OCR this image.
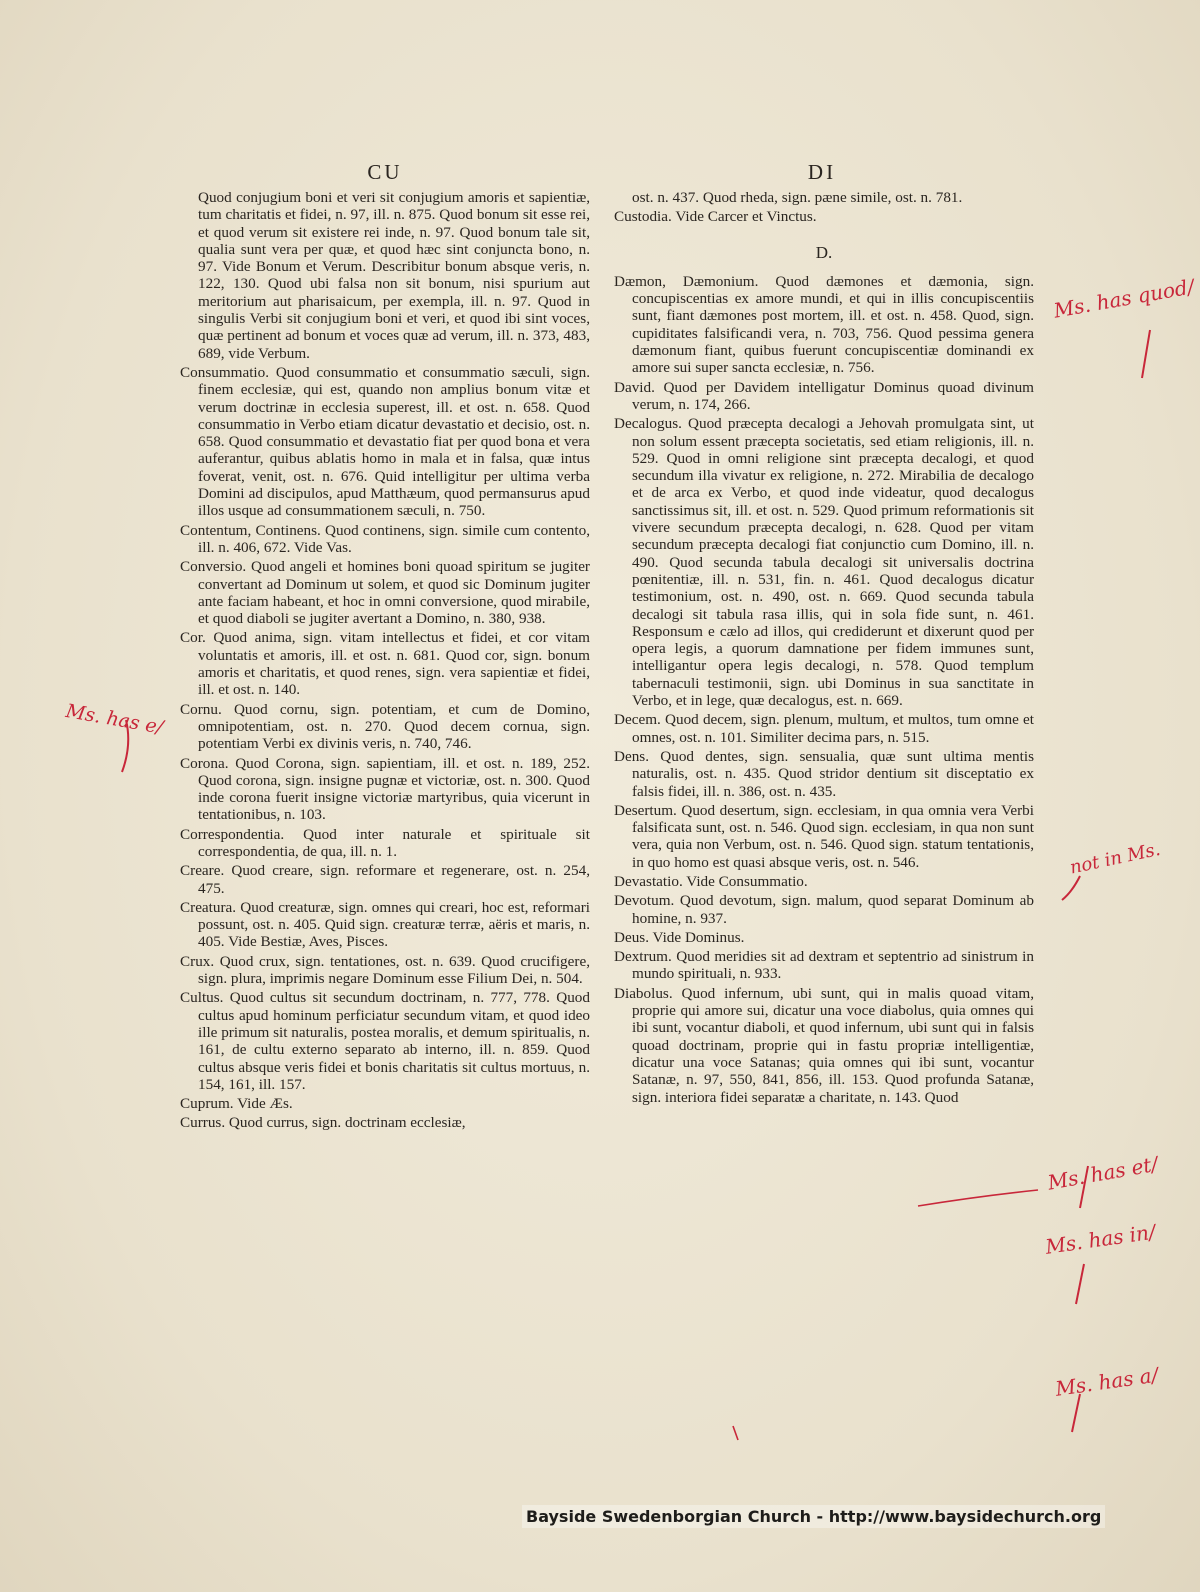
CU	DI

Quod conjugium boni et veri sit conjugium amoris et sapientiæ, tum charitatis et fidei, n. 97, ill. n. 875. Quod bonum sit esse rei, et quod verum sit existere rei inde, n. 97. Quod bonum tale sit, qualia sunt vera per quæ, et quod hæc sint conjuncta bono, n. 97. Vide Bonum et Verum. Describitur bonum absque veris, n. 122, 130. Quod ubi falsa non sit bonum, nisi spurium aut meritorium aut pharisaicum, per exempla, ill. n. 97. Quod in singulis Verbi sit conjugium boni et veri, et quod ibi sint voces, quæ pertinent ad bonum et voces quæ ad verum, ill. n. 373, 483, 689, vide Verbum.

Consummatio. Quod consummatio et consummatio sæculi, sign. finem ecclesiæ, qui est, quando non amplius bonum vitæ et verum doctrinæ in ecclesia superest, ill. et ost. n. 658. Quod consummatio in Verbo etiam dicatur devastatio et decisio, ost. n. 658. Quod consummatio et devastatio fiat per quod bona et vera auferantur, quibus ablatis homo in mala et in falsa, quæ intus foverat, venit, ost. n. 676. Quid intelligitur per ultima verba Domini ad discipulos, apud Matthæum, quod permansurus apud illos usque ad consummationem sæculi, n. 750.

Contentum, Continens. Quod continens, sign. simile cum contento, ill. n. 406, 672. Vide Vas.

Conversio. Quod angeli et homines boni quoad spiritum se jugiter convertant ad Dominum ut solem, et quod sic Dominum jugiter ante faciam habeant, et hoc in omni conversione, quod mirabile, et quod diaboli se jugiter avertant a Domino, n. 380, 938.

Cor. Quod anima, sign. vitam intellectus et fidei, et cor vitam voluntatis et amoris, ill. et ost. n. 681. Quod cor, sign. bonum amoris et charitatis, et quod renes, sign. vera sapientiæ et fidei, ill. et ost. n. 140.

Cornu. Quod cornu, sign. potentiam, et cum de Domino, omnipotentiam, ost. n. 270. Quod decem cornua, sign. potentiam Verbi ex divinis veris, n. 740, 746.

Corona. Quod Corona, sign. sapientiam, ill. et ost. n. 189, 252. Quod corona, sign. insigne pugnæ et victoriæ, ost. n. 300. Quod inde corona fuerit insigne victoriæ martyribus, quia vicerunt in tentationibus, n. 103.

Correspondentia. Quod inter naturale et spirituale sit correspondentia, de qua, ill. n. 1.

Creare. Quod creare, sign. reformare et regenerare, ost. n. 254, 475.

Creatura. Quod creaturæ, sign. omnes qui creari, hoc est, reformari possunt, ost. n. 405. Quid sign. creaturæ terræ, aëris et maris, n. 405. Vide Bestiæ, Aves, Pisces.

Crux. Quod crux, sign. tentationes, ost. n. 639. Quod crucifigere, sign. plura, imprimis negare Dominum esse Filium Dei, n. 504.

Cultus. Quod cultus sit secundum doctrinam, n. 777, 778. Quod cultus apud hominum perficiatur secundum vitam, et quod ideo ille primum sit naturalis, postea moralis, et demum spiritualis, n. 161, de cultu externo separato ab interno, ill. n. 859. Quod cultus absque veris fidei et bonis charitatis sit cultus mortuus, n. 154, 161, ill. 157.

Cuprum. Vide Æs.

Currus. Quod currus, sign. doctrinam ecclesiæ,

ost. n. 437. Quod rheda, sign. pæne simile, ost. n. 781.

Custodia. Vide Carcer et Vinctus.

D.

Dæmon, Dæmonium. Quod dæmones et dæmonia, sign. concupiscentias ex amore mundi, et qui in illis concupiscentiis sunt, fiant dæmones post mortem, ill. et ost. n. 458. Quod, sign. cupiditates falsificandi vera, n. 703, 756. Quod pessima genera dæmonum fiant, quibus fuerunt concupiscentiæ dominandi ex amore sui super sancta ecclesiæ, n. 756.

David. Quod per Davidem intelligatur Dominus quoad divinum verum, n. 174, 266.

Decalogus. Quod præcepta decalogi a Jehovah promulgata sint, ut non solum essent præcepta societatis, sed etiam religionis, ill. n. 529. Quod in omni religione sint præcepta decalogi, et quod secundum illa vivatur ex religione, n. 272. Mirabilia de decalogo et de arca ex Verbo, et quod inde videatur, quod decalogus sanctissimus sit, ill. et ost. n. 529. Quod primum reformationis sit vivere secundum præcepta decalogi, n. 628. Quod per vitam secundum præcepta decalogi fiat conjunctio cum Domino, ill. n. 490. Quod secunda tabula decalogi sit universalis doctrina pœnitentiæ, ill. n. 531, fin. n. 461. Quod decalogus dicatur testimonium, ost. n. 490, ost. n. 669. Quod secunda tabula decalogi sit tabula rasa illis, qui in sola fide sunt, n. 461. Responsum e cælo ad illos, qui crediderunt et dixerunt quod per opera legis, a quorum damnatione per fidem immunes sunt, intelligantur opera legis decalogi, n. 578. Quod templum tabernaculi testimonii, sign. ubi Dominus in sua sanctitate in Verbo, et in lege, quæ decalogus, est. n. 669.

Decem. Quod decem, sign. plenum, multum, et multos, tum omne et omnes, ost. n. 101. Similiter decima pars, n. 515.

Dens. Quod dentes, sign. sensualia, quæ sunt ultima mentis naturalis, ost. n. 435. Quod stridor dentium sit disceptatio ex falsis fidei, ill. n. 386, ost. n. 435.

Desertum. Quod desertum, sign. ecclesiam, in qua omnia vera Verbi falsificata sunt, ost. n. 546. Quod sign. ecclesiam, in qua non sunt vera, quia non Verbum, ost. n. 546. Quod sign. statum tentationis, in quo homo est quasi absque veris, ost. n. 546.

Devastatio. Vide Consummatio.

Devotum. Quod devotum, sign. malum, quod separat Dominum ab homine, n. 937.

Deus. Vide Dominus.

Dextrum. Quod meridies sit ad dextram et septentrio ad sinistrum in mundo spirituali, n. 933.

Diabolus. Quod infernum, ubi sunt, qui in malis quoad vitam, proprie qui amore sui, dicatur una voce diabolus, quia omnes qui ibi sunt, vocantur diaboli, et quod infernum, ubi sunt qui in falsis quoad doctrinam, proprie qui in fastu propriæ intelligentiæ, dicatur una voce Satanas; quia omnes qui ibi sunt, vocantur Satanæ, n. 97, 550, 841, 856, ill. 153. Quod profunda Satanæ, sign. interiora fidei separatæ a charitate, n. 143. Quod

Ms. has quod/
Ms. has e/
not in Ms.
Ms. has et/
Ms. has in/
Ms. has a/
Bayside Swedenborgian Church - http://www.baysidechurch.org
